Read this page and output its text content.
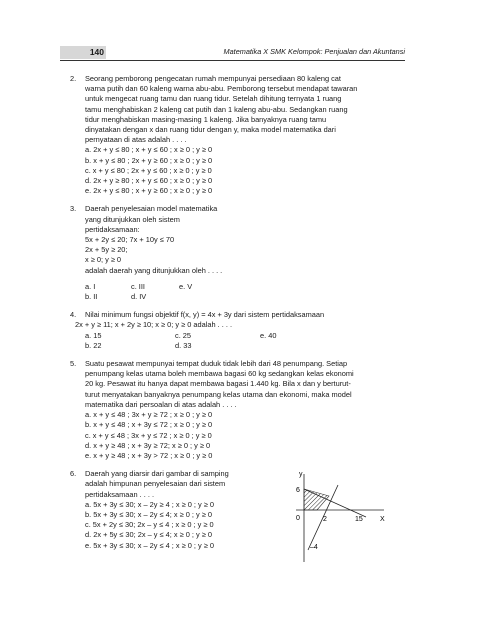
140	Matematika X SMK Kelompok: Penjualan dan Akuntansi
2. Seorang pemborong pengecatan rumah mempunyai persediaan 80 kaleng cat
warna putih dan 60 kaleng warna abu-abu. Pemborong tersebut mendapat tawaran
untuk mengecat ruang tamu dan ruang tidur. Setelah dihitung ternyata 1 ruang
tamu menghabiskan 2 kaleng cat putih dan 1 kaleng abu-abu. Sedangkan ruang
tidur menghabiskan masing-masing 1 kaleng. Jika banyaknya ruang tamu
dinyatakan dengan x dan ruang tidur dengan y, maka model matematika dari
pernyataan di atas adalah . . . .
a. 2x + y ≤ 80 ; x + y ≤ 60 ; x ≥ 0 ; y ≥ 0
b. x + y ≤ 80 ; 2x + y ≥ 60 ; x ≥ 0 ; y ≥ 0
c. x + y ≤ 80 ; 2x + y ≤ 60 ; x ≥ 0 ; y ≥ 0
d. 2x + y ≥ 80 ; x + y ≤ 60 ; x ≥ 0 ; y ≥ 0
e. 2x + y ≤ 80 ; x + y ≥ 60 ; x ≥ 0 ; y ≥ 0
3. Daerah penyelesaian model matematika
yang ditunjukkan oleh sistem
pertidaksamaan:
5x + 2y ≤ 20; 7x + 10y ≤ 70
2x + 5y ≥ 20;
x ≥ 0; y ≥ 0
adalah daerah yang ditunjukkan oleh . . . .
a. I	c. III	e. V
b. II	d. IV
4. Nilai minimum fungsi objektif f(x, y) = 4x + 3y dari sistem pertidaksamaan
2x + y ≥ 11; x + 2y ≥ 10; x ≥ 0; y ≥ 0 adalah . . . .
a. 15	c. 25	e. 40
b. 22	d. 33
5. Suatu pesawat mempunyai tempat duduk tidak lebih dari 48 penumpang. Setiap
penumpang kelas utama boleh membawa bagasi 60 kg sedangkan kelas ekonomi
20 kg. Pesawat itu hanya dapat membawa bagasi 1.440 kg. Bila x dan y berturut-
turut menyatakan banyaknya penumpang kelas utama dan ekonomi, maka model
matematika dari persoalan di atas adalah . . . .
a. x + y ≤ 48 ; 3x + y ≥ 72 ; x ≥ 0 ; y ≥ 0
b. x + y ≤ 48 ; x + 3y ≤ 72 ; x ≥ 0 ; y ≥ 0
c. x + y ≤ 48 ; 3x + y ≤ 72 ; x ≥ 0 ; y ≥ 0
d. x + y ≥ 48 ; x + 3y ≥ 72; x ≥ 0 ; y ≥ 0
e. x + y ≥ 48 ; x + 3y > 72 ; x ≥ 0 ; y ≥ 0
6. Daerah yang diarsir dari gambar di samping
adalah himpunan penyelesaian dari sistem
pertidaksamaan . . . .
a. 5x + 3y ≤ 30; x – 2y ≥ 4 ; x ≥ 0 ; y ≥ 0
b. 5x + 3y ≤ 30; x – 2y ≤ 4; x ≥ 0 ; y ≥ 0
c. 5x + 2y ≤ 30; 2x – y ≤ 4 ; x ≥ 0 ; y ≥ 0
d. 2x + 5y ≤ 30; 2x – y ≤ 4; x ≥ 0 ; y ≥ 0
e. 5x + 3y ≤ 30; x – 2y ≤ 4 ; x ≥ 0 ; y ≥ 0
y
X
0
6
–4
2	15
